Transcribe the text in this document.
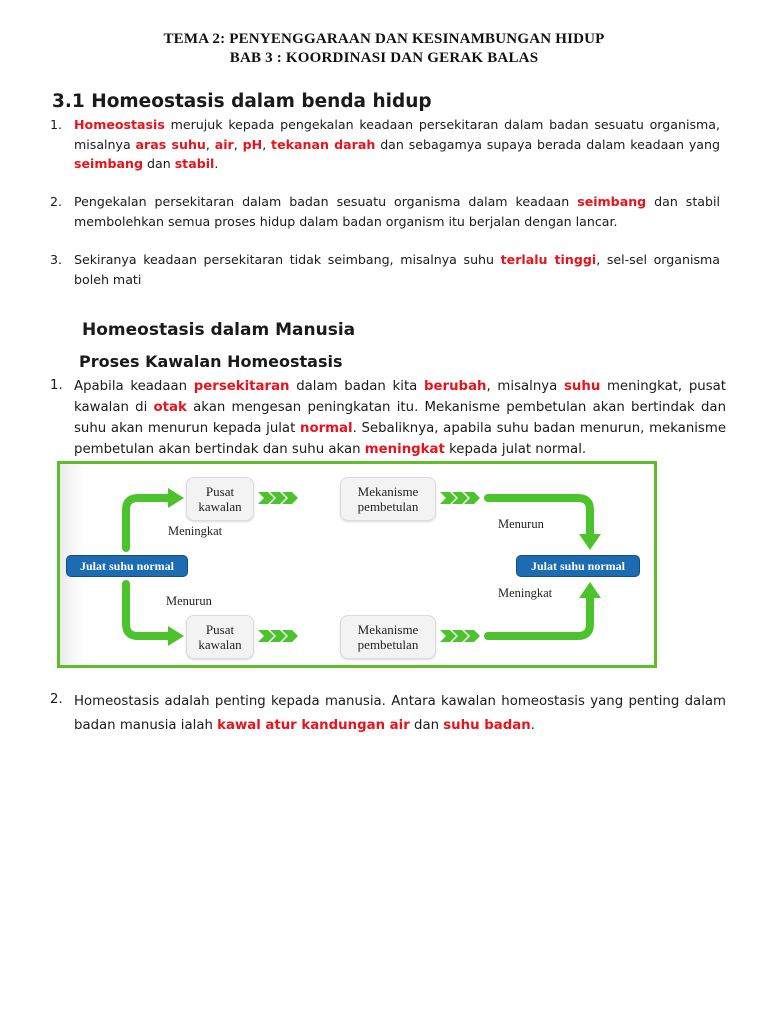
TEMA 2: PENYENGGARAAN DAN KESINAMBUNGAN HIDUP
BAB 3 : KOORDINASI DAN GERAK BALAS
3.1 Homeostasis dalam benda hidup
1. Homeostasis merujuk kepada pengekalan keadaan persekitaran dalam badan sesuatu organisma, misalnya aras suhu, air, pH, tekanan darah dan sebagamya supaya berada dalam keadaan yang seimbang dan stabil.
2. Pengekalan persekitaran dalam badan sesuatu organisma dalam keadaan seimbang dan stabil membolehkan semua proses hidup dalam badan organism itu berjalan dengan lancar.
3. Sekiranya keadaan persekitaran tidak seimbang, misalnya suhu terlalu tinggi, sel-sel organisma boleh mati
Homeostasis dalam Manusia
Proses Kawalan Homeostasis
1. Apabila keadaan persekitaran dalam badan kita berubah, misalnya suhu meningkat, pusat kawalan di otak akan mengesan peningkatan itu. Mekanisme pembetulan akan bertindak dan suhu akan menurun kepada julat normal. Sebaliknya, apabila suhu badan menurun, mekanisme pembetulan akan bertindak dan suhu akan meningkat kepada julat normal.
Julat suhu normal	Julat suhu normal
Pusat
kawalan
Mekanisme
pembetulan
Pusat
kawalan
Mekanisme
pembetulan
Meningkat	Menurun
Menurun
Meningkat
2. Homeostasis adalah penting kepada manusia. Antara kawalan homeostasis yang penting dalam badan manusia ialah kawal atur kandungan air dan suhu badan.
